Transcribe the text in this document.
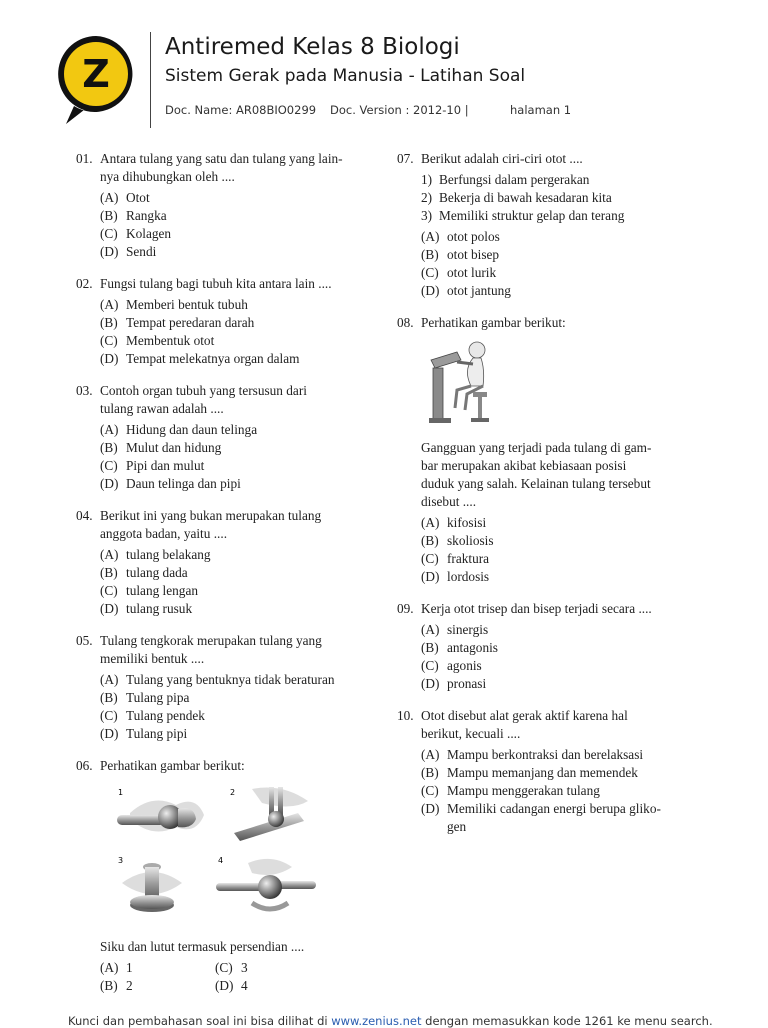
Z
Antiremed Kelas 8 Biologi
Sistem Gerak pada Manusia - Latihan Soal
Doc. Name: AR08BIO0299 Doc. Version : 2012-10 |	halaman 1
01. Antara tulang yang satu dan tulang yang lain-
nya dihubungkan oleh ....
(A) Otot
(B) Rangka
(C) Kolagen
(D) Sendi
02. Fungsi tulang bagi tubuh kita antara lain ....
(A) Memberi bentuk tubuh
(B) Tempat peredaran darah
(C) Membentuk otot
(D) Tempat melekatnya organ dalam
03. Contoh organ tubuh yang tersusun dari
tulang rawan adalah ....
(A) Hidung dan daun telinga
(B) Mulut dan hidung
(C) Pipi dan mulut
(D) Daun telinga dan pipi
04. Berikut ini yang bukan merupakan tulang
anggota badan, yaitu ....
(A) tulang belakang
(B) tulang dada
(C) tulang lengan
(D) tulang rusuk
05. Tulang tengkorak merupakan tulang yang
memiliki bentuk ....
(A) Tulang yang bentuknya tidak beraturan
(B) Tulang pipa
(C) Tulang pendek
(D) Tulang pipi
06. Perhatikan gambar berikut:
1	2
3	4
Siku dan lutut termasuk persendian ....
(A) 1	(C) 3
(B) 2	(D) 4
07. Berikut adalah ciri-ciri otot ....
1) Berfungsi dalam pergerakan
2) Bekerja di bawah kesadaran kita
3) Memiliki struktur gelap dan terang
(A) otot polos
(B) otot bisep
(C) otot lurik
(D) otot jantung
08. Perhatikan gambar berikut:
Gangguan yang terjadi pada tulang di gam-
bar merupakan akibat kebiasaan posisi
duduk yang salah. Kelainan tulang tersebut
disebut ....
(A) kifosisi
(B) skoliosis
(C) fraktura
(D) lordosis
09. Kerja otot trisep dan bisep terjadi secara ....
(A) sinergis
(B) antagonis
(C) agonis
(D) pronasi
10. Otot disebut alat gerak aktif karena hal
berikut, kecuali ....
(A) Mampu berkontraksi dan berelaksasi
(B) Mampu memanjang dan memendek
(C) Mampu menggerakan tulang
(D) Memiliki cadangan energi berupa gliko-
gen
Kunci dan pembahasan soal ini bisa dilihat di www.zenius.net dengan memasukkan kode 1261 ke menu search.
